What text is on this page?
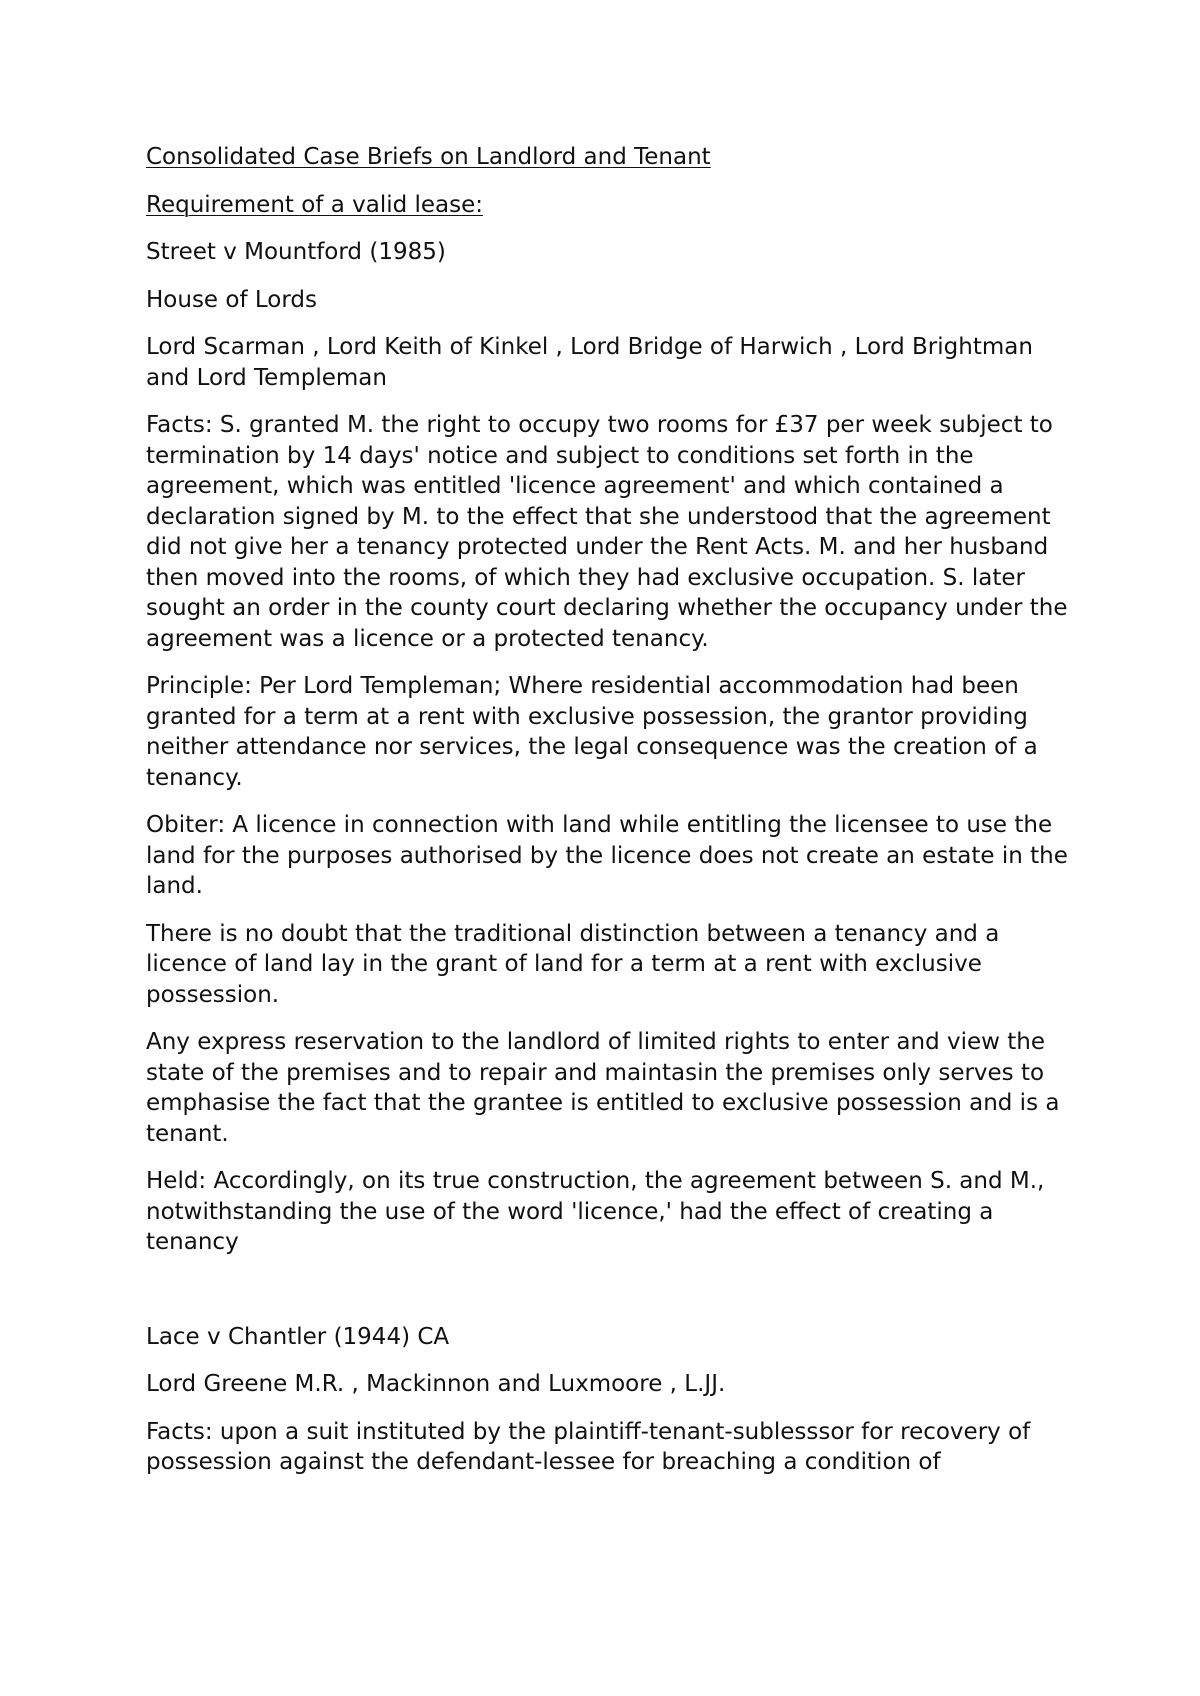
Consolidated Case Briefs on Landlord and Tenant

Requirement of a valid lease:

Street v Mountford (1985)

House of Lords

Lord Scarman , Lord Keith of Kinkel , Lord Bridge of Harwich , Lord Brightman and Lord Templeman

Facts: S. granted M. the right to occupy two rooms for £37 per week subject to termination by 14 days' notice and subject to conditions set forth in the agreement, which was entitled 'licence agreement' and which contained a declaration signed by M. to the effect that she understood that the agreement did not give her a tenancy protected under the Rent Acts. M. and her husband then moved into the rooms, of which they had exclusive occupation. S. later sought an order in the county court declaring whether the occupancy under the agreement was a licence or a protected tenancy.

Principle: Per Lord Templeman; Where residential accommodation had been granted for a term at a rent with exclusive possession, the grantor providing neither attendance nor services, the legal consequence was the creation of a tenancy.

Obiter: A licence in connection with land while entitling the licensee to use the land for the purposes authorised by the licence does not create an estate in the land.

There is no doubt that the traditional distinction between a tenancy and a licence of land lay in the grant of land for a term at a rent with exclusive possession.

Any express reservation to the landlord of limited rights to enter and view the state of the premises and to repair and maintasin the premises only serves to emphasise the fact that the grantee is entitled to exclusive possession and is a tenant.

Held: Accordingly, on its true construction, the agreement between S. and M., notwithstanding the use of the word 'licence,' had the effect of creating a tenancy

Lace v Chantler (1944) CA

Lord Greene M.R. , Mackinnon and Luxmoore , L.JJ.

Facts: upon a suit instituted by the plaintiff-tenant-sublesssor for recovery of possession against the defendant-lessee for breaching a condition of
